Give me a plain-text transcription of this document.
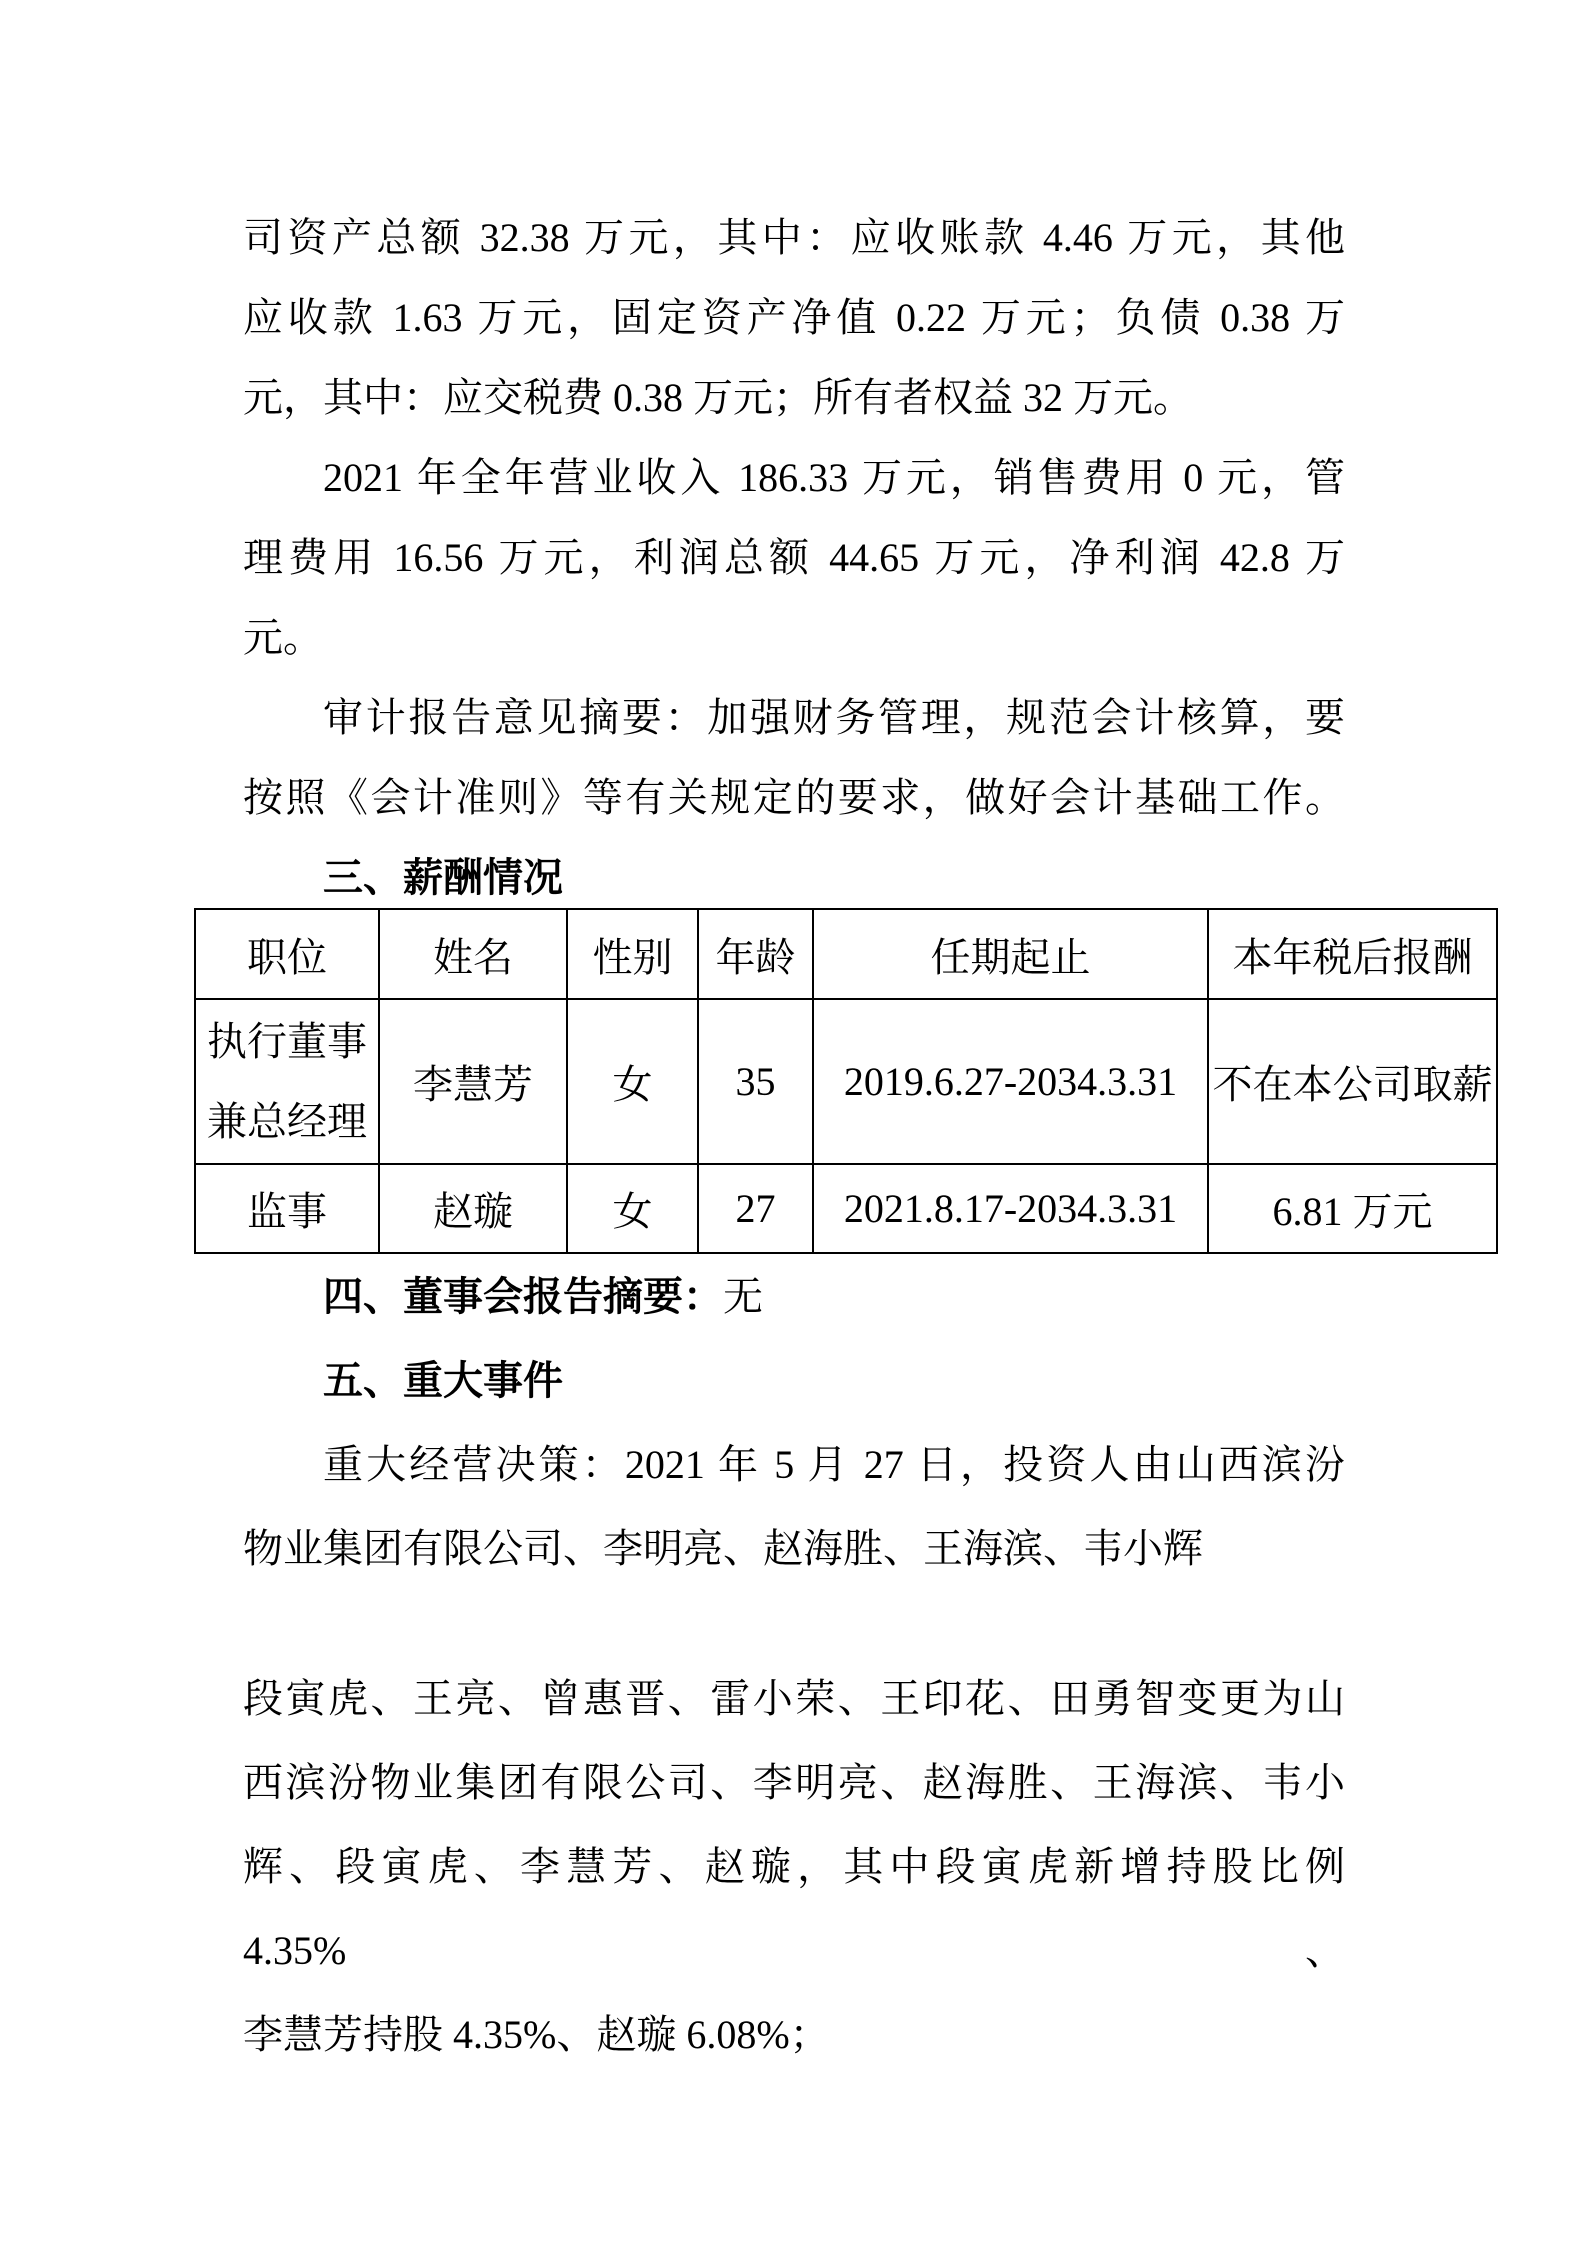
司资产总额 32.38 万元，其中：应收账款 4.46 万元，其他
应收款 1.63 万元，固定资产净值 0.22 万元；负债 0.38 万
元，其中：应交税费 0.38 万元；所有者权益 32 万元。
2021 年全年营业收入 186.33 万元，销售费用 0 元，管
理费用 16.56 万元，利润总额 44.65 万元，净利润 42.8 万
元。
审计报告意见摘要：加强财务管理，规范会计核算，要
按照《会计准则》等有关规定的要求，做好会计基础工作。
三、薪酬情况
职位	姓名	性别	年龄	任期起止	本年税后报酬

执行董事
兼总经理	李慧芳	女	35	2019.6.27-2034.3.31	不在本公司取薪
监事	赵璇	女	27	2021.8.17-2034.3.31	6.81 万元
四、董事会报告摘要：无
五、重大事件
重大经营决策：2021 年 5 月 27 日，投资人由山西滨汾
物业集团有限公司、李明亮、赵海胜、王海滨、韦小辉
段寅虎、王亮、曾惠晋、雷小荣、王印花、田勇智变更为山
西滨汾物业集团有限公司、李明亮、赵海胜、王海滨、韦小
辉、段寅虎、李慧芳、赵璇，其中段寅虎新增持股比例 4.35%、
李慧芳持股 4.35%、赵璇 6.08%；
